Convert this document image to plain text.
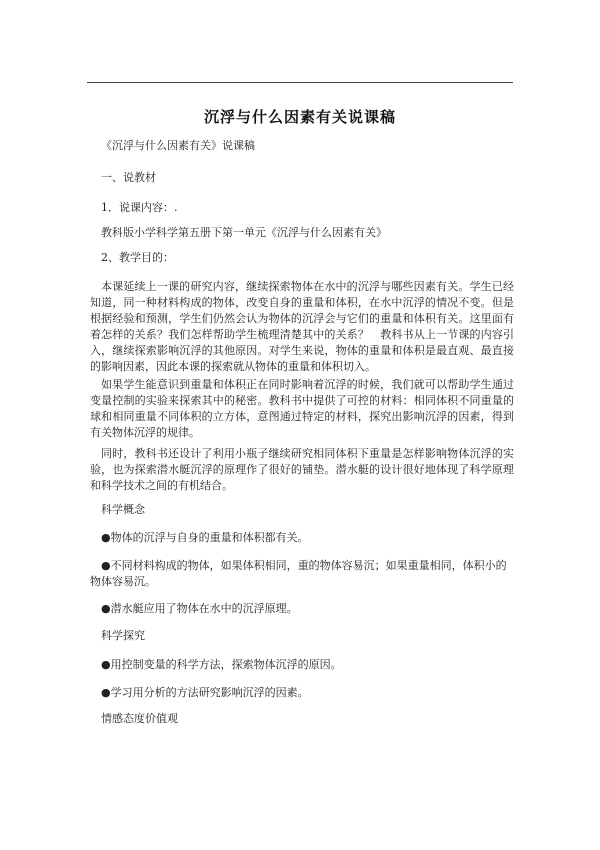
沉浮与什么因素有关说课稿
《沉浮与什么因素有关》说课稿
一、说教材
1．说课内容：.
教科版小学科学第五册下第一单元《沉浮与什么因素有关》
2、教学目的：
本课延续上一课的研究内容，继续探索物体在水中的沉浮与哪些因素有关。学生已经知道，同一种材料构成的物体，改变自身的重量和体积，在水中沉浮的情况不变。但是根据经验和预测，学生们仍然会认为物体的沉浮会与它们的重量和体积有关。这里面有着怎样的关系？我们怎样帮助学生梳理清楚其中的关系？　教科书从上一节课的内容引入，继续探索影响沉浮的其他原因。对学生来说，物体的重量和体积是最直观、最直接的影响因素，因此本课的探索就从物体的重量和体积切入。
如果学生能意识到重量和体积正在同时影响着沉浮的时候，我们就可以帮助学生通过变量控制的实验来探索其中的秘密。教科书中提供了可控的材料：相同体积不同重量的球和相同重量不同体积的立方体，意图通过特定的材料，探究出影响沉浮的因素，得到有关物体沉浮的规律。
同时，教科书还设计了利用小瓶子继续研究相同体积下重量是怎样影响物体沉浮的实验，也为探索潜水艇沉浮的原理作了很好的铺垫。潜水艇的设计很好地体现了科学原理和科学技术之间的有机结合。
科学概念
●物体的沉浮与自身的重量和体积都有关。
●不同材料构成的物体，如果体积相同，重的物体容易沉；如果重量相同，体积小的物体容易沉。
●潜水艇应用了物体在水中的沉浮原理。
科学探究
●用控制变量的科学方法，探索物体沉浮的原因。
●学习用分析的方法研究影响沉浮的因素。
情感态度价值观
